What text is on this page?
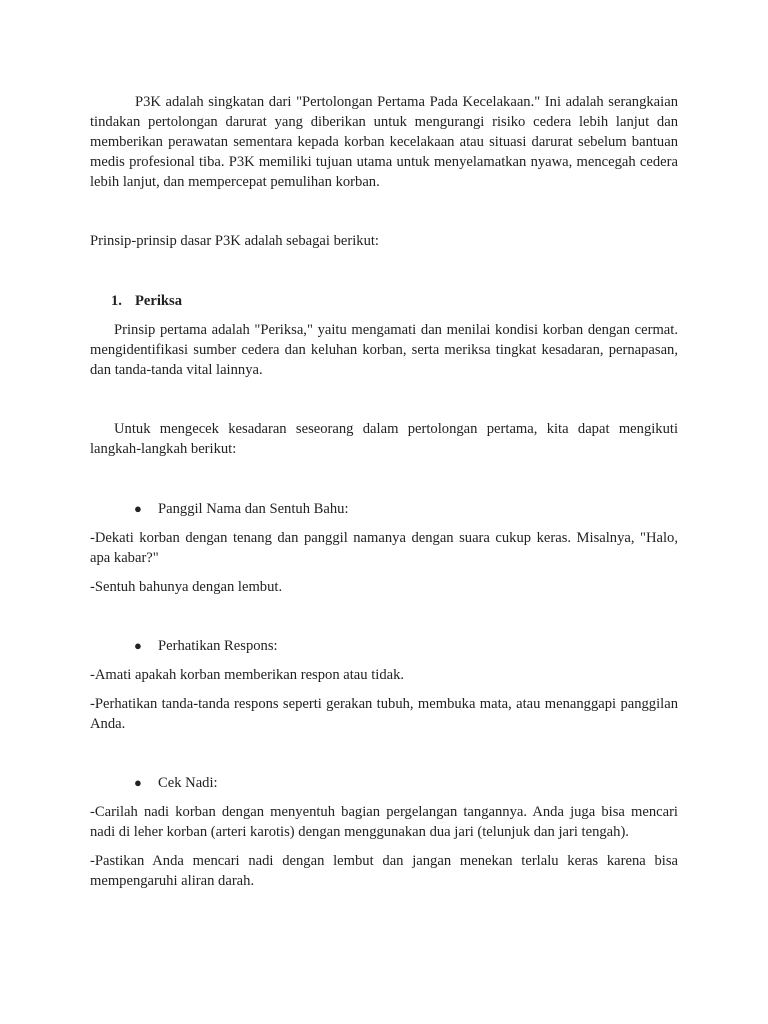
P3K adalah singkatan dari "Pertolongan Pertama Pada Kecelakaan." Ini adalah serangkaian tindakan pertolongan darurat yang diberikan untuk mengurangi risiko cedera lebih lanjut dan memberikan perawatan sementara kepada korban kecelakaan atau situasi darurat sebelum bantuan medis profesional tiba. P3K memiliki tujuan utama untuk menyelamatkan nyawa, mencegah cedera lebih lanjut, dan mempercepat pemulihan korban.

Prinsip-prinsip dasar P3K adalah sebagai berikut:

1. Periksa

Prinsip pertama adalah "Periksa," yaitu mengamati dan menilai kondisi korban dengan cermat. mengidentifikasi sumber cedera dan keluhan korban, serta meriksa tingkat kesadaran, pernapasan, dan tanda-tanda vital lainnya.

Untuk mengecek kesadaran seseorang dalam pertolongan pertama, kita dapat mengikuti langkah-langkah berikut:

●	Panggil Nama dan Sentuh Bahu:

-Dekati korban dengan tenang dan panggil namanya dengan suara cukup keras. Misalnya, "Halo, apa kabar?"

-Sentuh bahunya dengan lembut.

●	Perhatikan Respons:

-Amati apakah korban memberikan respon atau tidak.

-Perhatikan tanda-tanda respons seperti gerakan tubuh, membuka mata, atau menanggapi panggilan Anda.

●	Cek Nadi:

-Carilah nadi korban dengan menyentuh bagian pergelangan tangannya. Anda juga bisa mencari nadi di leher korban (arteri karotis) dengan menggunakan dua jari (telunjuk dan jari tengah).

-Pastikan Anda mencari nadi dengan lembut dan jangan menekan terlalu keras karena bisa mempengaruhi aliran darah.
